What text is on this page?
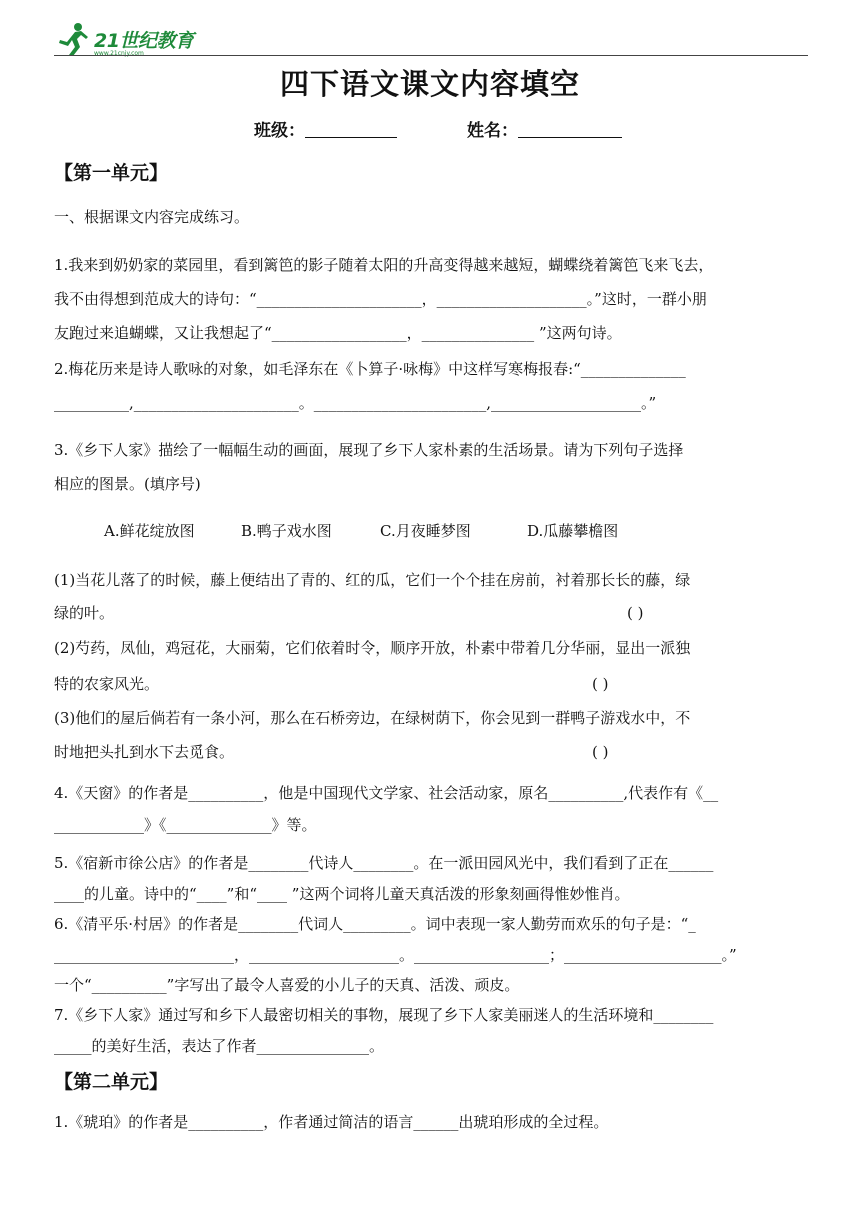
21世纪教育
www.21cnjy.com
四下语文课文内容填空
班级：	姓名：
【第一单元】
一、根据课文内容完成练习。
1.我来到奶奶家的菜园里，看到篱笆的影子随着太阳的升高变得越来越短，蝴蝶绕着篱笆飞来飞去，
我不由得想到范成大的诗句：“______________________，____________________。”这时，一群小朋
友跑过来追蝴蝶，又让我想起了“__________________，_______________ ”这两句诗。
2.梅花历来是诗人歌咏的对象，如毛泽东在《卜算子·咏梅》中这样写寒梅报春:“______________
__________,______________________。_______________________,____________________。”
3.《乡下人家》描绘了一幅幅生动的画面，展现了乡下人家朴素的生活场景。请为下列句子选择
相应的图景。(填序号)
A.鲜花绽放图	B.鸭子戏水图	C.月夜睡梦图	D.瓜藤攀檐图
(1)当花儿落了的时候，藤上便结出了青的、红的瓜，它们一个个挂在房前，衬着那长长的藤，绿
绿的叶。	( )
(2)芍药，凤仙，鸡冠花，大丽菊，它们依着时令，顺序开放，朴素中带着几分华丽，显出一派独
特的农家风光。	( )
(3)他们的屋后倘若有一条小河，那么在石桥旁边，在绿树荫下，你会见到一群鸭子游戏水中，不
时地把头扎到水下去觅食。	( )
4.《天窗》的作者是__________，他是中国现代文学家、社会活动家，原名__________,代表作有《__
____________》《______________》等。
5.《宿新市徐公店》的作者是________代诗人________。在一派田园风光中，我们看到了正在______
____的儿童。诗中的“____”和“____ ”这两个词将儿童天真活泼的形象刻画得惟妙惟肖。
6.《清平乐·村居》的作者是________代词人_________。词中表现一家人勤劳而欢乐的句子是：“_
________________________，____________________。__________________；_____________________。”
一个“__________”字写出了最令人喜爱的小儿子的天真、活泼、顽皮。
7.《乡下人家》通过写和乡下人最密切相关的事物，展现了乡下人家美丽迷人的生活环境和________
_____的美好生活，表达了作者_______________。
【第二单元】
1.《琥珀》的作者是__________，作者通过简洁的语言______出琥珀形成的全过程。
